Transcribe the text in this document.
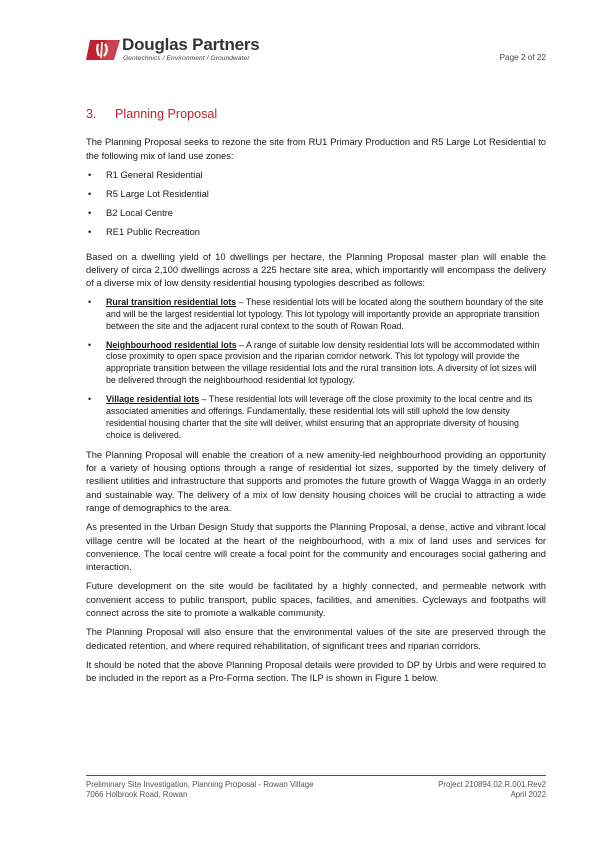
Douglas Partners
Geotechnics / Environment / Groundwater	Page 2 of 22
3. Planning Proposal

The Planning Proposal seeks to rezone the site from RU1 Primary Production and R5 Large Lot Residential to the following mix of land use zones:

• R1 General Residential
• R5 Large Lot Residential
• B2 Local Centre
• RE1 Public Recreation

Based on a dwelling yield of 10 dwellings per hectare, the Planning Proposal master plan will enable the delivery of circa 2,100 dwellings across a 225 hectare site area, which importantly will encompass the delivery of a diverse mix of low density residential housing typologies described as follows:

• Rural transition residential lots – These residential lots will be located along the southern boundary of the site and will be the largest residential lot typology. This lot typology will importantly provide an appropriate transition between the site and the adjacent rural context to the south of Rowan Road.
• Neighbourhood residential lots – A range of suitable low density residential lots will be accommodated within close proximity to open space provision and the riparian corridor network. This lot typology will provide the appropriate transition between the village residential lots and the rural transition lots. A diversity of lot sizes will be delivered through the neighbourhood residential lot typology.
• Village residential lots – These residential lots will leverage off the close proximity to the local centre and its associated amenities and offerings. Fundamentally, these residential lots will still uphold the low density residential housing charter that the site will deliver, whilst ensuring that an appropriate diversity of housing choice is delivered.

The Planning Proposal will enable the creation of a new amenity-led neighbourhood providing an opportunity for a variety of housing options through a range of residential lot sizes, supported by the timely delivery of resilient utilities and infrastructure that supports and promotes the future growth of Wagga Wagga in an orderly and sustainable way. The delivery of a mix of low density housing choices will be crucial to attracting a wide range of demographics to the area.

As presented in the Urban Design Study that supports the Planning Proposal, a dense, active and vibrant local village centre will be located at the heart of the neighbourhood, with a mix of land uses and services for convenience. The local centre will create a focal point for the community and encourages social gathering and interaction.

Future development on the site would be facilitated by a highly connected, and permeable network with convenient access to public transport, public spaces, facilities, and amenities. Cycleways and footpaths will connect across the site to promote a walkable community.

The Planning Proposal will also ensure that the environmental values of the site are preserved through the dedicated retention, and where required rehabilitation, of significant trees and riparian corridors.

It should be noted that the above Planning Proposal details were provided to DP by Urbis and were required to be included in the report as a Pro-Forma section. The ILP is shown in Figure 1 below.

Preliminary Site Investigation, Planning Proposal - Rowan Village
7066 Holbrook Road, Rowan
Project 210894.02.R.001.Rev2
April 2022
